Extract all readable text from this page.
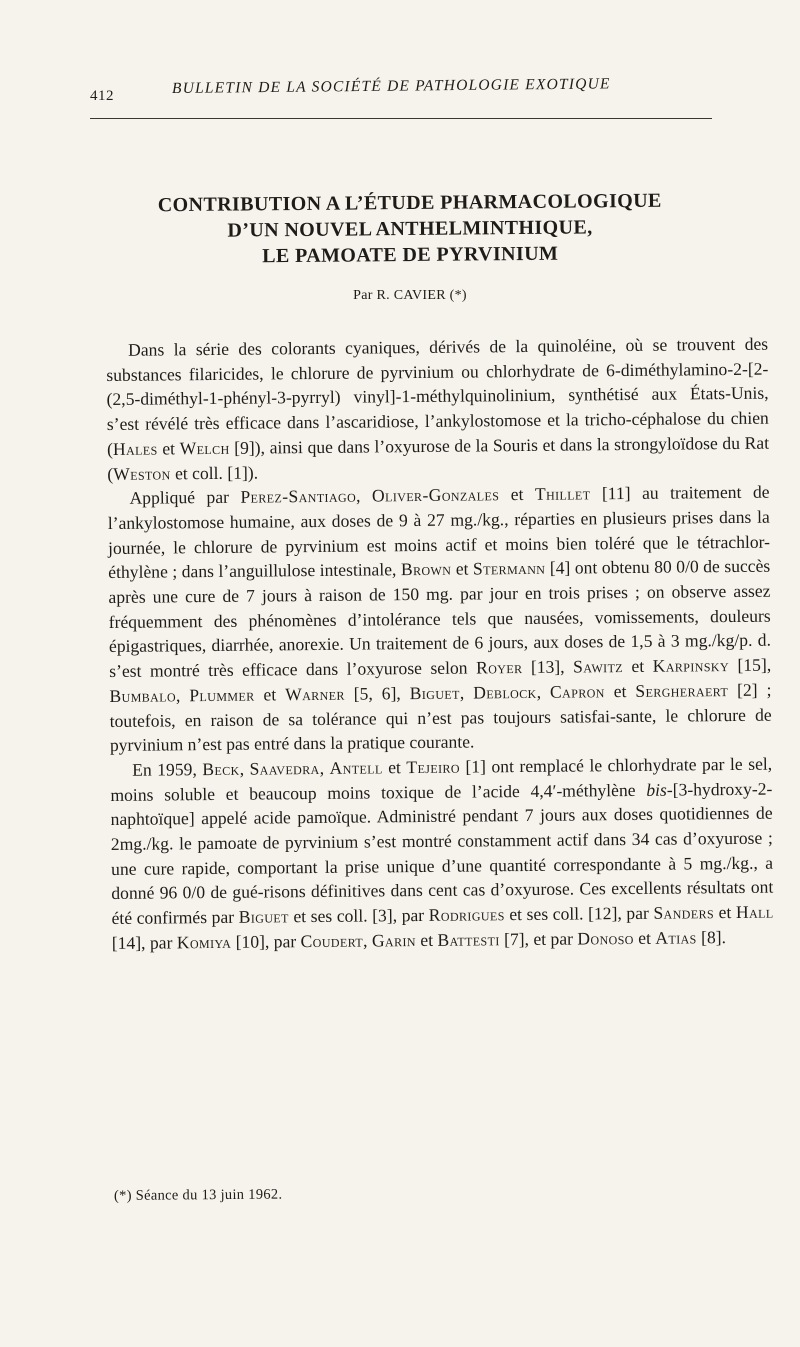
412	BULLETIN DE LA SOCIÉTÉ DE PATHOLOGIE EXOTIQUE
CONTRIBUTION A L’ÉTUDE PHARMACOLOGIQUE
D’UN NOUVEL ANTHELMINTHIQUE,
LE PAMOATE DE PYRVINIUM
Par R. CAVIER (*)

Dans la série des colorants cyaniques, dérivés de la quinoléine, où se trouvent des substances filaricides, le chlorure de pyrvinium ou chlorhydrate de 6-diméthylamino-2-[2-(2,5-diméthyl-1-phényl-3-pyrryl) vinyl]-1-méthylquinolinium, synthétisé aux États-Unis, s’est révélé très efficace dans l’ascaridiose, l’ankylostomose et la tricho-céphalose du chien (Hales et Welch [9]), ainsi que dans l’oxyurose de la Souris et dans la strongyloïdose du Rat (Weston et coll. [1]).

Appliqué par Perez-Santiago, Oliver-Gonzales et Thillet [11] au traitement de l’ankylostomose humaine, aux doses de 9 à 27 mg./kg., réparties en plusieurs prises dans la journée, le chlorure de pyrvinium est moins actif et moins bien toléré que le tétrachlor-éthylène ; dans l’anguillulose intestinale, Brown et Stermann [4] ont obtenu 80 0/0 de succès après une cure de 7 jours à raison de 150 mg. par jour en trois prises ; on observe assez fréquemment des phénomènes d’intolérance tels que nausées, vomissements, douleurs épigastriques, diarrhée, anorexie. Un traitement de 6 jours, aux doses de 1,5 à 3 mg./kg/p. d. s’est montré très efficace dans l’oxyurose selon Royer [13], Sawitz et Karpinsky [15], Bumbalo, Plummer et Warner [5, 6], Biguet, Deblock, Capron et Sergheraert [2] ; toutefois, en raison de sa tolérance qui n’est pas toujours satisfai-sante, le chlorure de pyrvinium n’est pas entré dans la pratique courante.

En 1959, Beck, Saavedra, Antell et Tejeiro [1] ont remplacé le chlorhydrate par le sel, moins soluble et beaucoup moins toxique de l’acide 4,4′-méthylène bis-[3-hydroxy-2-naphtoïque] appelé acide pamoïque. Administré pendant 7 jours aux doses quotidiennes de 2mg./kg. le pamoate de pyrvinium s’est montré constamment actif dans 34 cas d’oxyurose ; une cure rapide, comportant la prise unique d’une quantité correspondante à 5 mg./kg., a donné 96 0/0 de gué-risons définitives dans cent cas d’oxyurose. Ces excellents résultats ont été confirmés par Biguet et ses coll. [3], par Rodrigues et ses coll. [12], par Sanders et Hall [14], par Komiya [10], par Coudert, Garin et Battesti [7], et par Donoso et Atias [8].

(*) Séance du 13 juin 1962.
